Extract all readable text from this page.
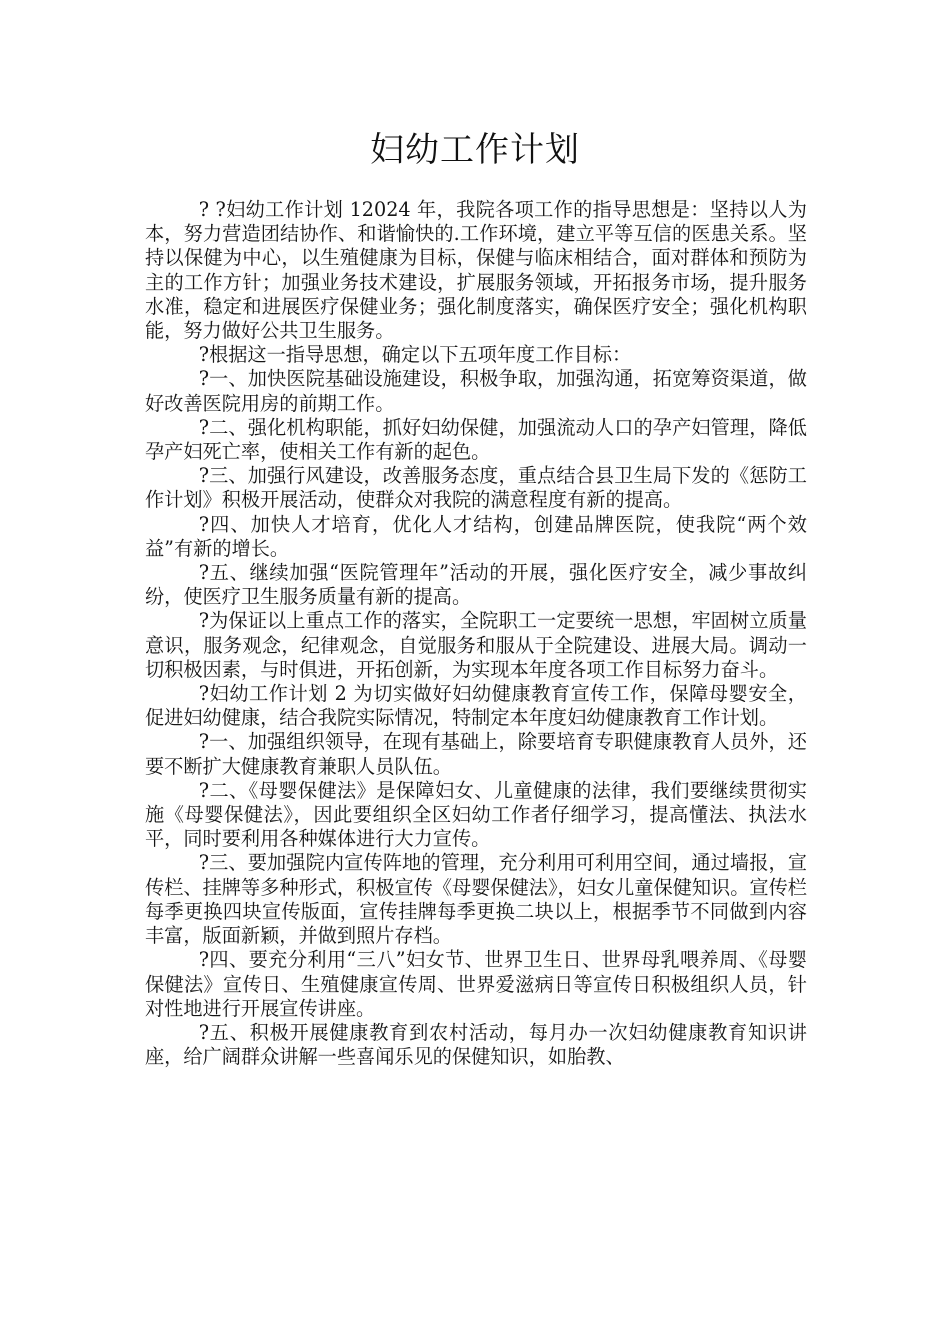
妇幼工作计划

? ?妇幼工作计划 12024 年，我院各项工作的指导思想是：坚持以人为本，努力营造团结协作、和谐愉快的.工作环境，建立平等互信的医患关系。坚持以保健为中心，以生殖健康为目标，保健与临床相结合，面对群体和预防为主的工作方针；加强业务技术建设，扩展服务领域，开拓报务市场，提升服务水准，稳定和进展医疗保健业务；强化制度落实，确保医疗安全；强化机构职能，努力做好公共卫生服务。

?根据这一指导思想，确定以下五项年度工作目标：

?一、加快医院基础设施建设，积极争取，加强沟通，拓宽筹资渠道，做好改善医院用房的前期工作。

?二、强化机构职能，抓好妇幼保健，加强流动人口的孕产妇管理，降低孕产妇死亡率，使相关工作有新的起色。

?三、加强行风建设，改善服务态度，重点结合县卫生局下发的《惩防工作计划》积极开展活动，使群众对我院的满意程度有新的提高。

?四、加快人才培育，优化人才结构，创建品牌医院，使我院“两个效益”有新的增长。

?五、继续加强“医院管理年”活动的开展，强化医疗安全，减少事故纠纷，使医疗卫生服务质量有新的提高。

?为保证以上重点工作的落实，全院职工一定要统一思想，牢固树立质量意识，服务观念，纪律观念，自觉服务和服从于全院建设、进展大局。调动一切积极因素，与时俱进，开拓创新，为实现本年度各项工作目标努力奋斗。

?妇幼工作计划 2 为切实做好妇幼健康教育宣传工作，保障母婴安全，促进妇幼健康，结合我院实际情况，特制定本年度妇幼健康教育工作计划。

?一、加强组织领导，在现有基础上，除要培育专职健康教育人员外，还要不断扩大健康教育兼职人员队伍。

?二、《母婴保健法》是保障妇女、儿童健康的法律，我们要继续贯彻实施《母婴保健法》，因此要组织全区妇幼工作者仔细学习，提高懂法、执法水平，同时要利用各种媒体进行大力宣传。

?三、要加强院内宣传阵地的管理，充分利用可利用空间，通过墙报，宣传栏、挂牌等多种形式，积极宣传《母婴保健法》，妇女儿童保健知识。宣传栏每季更换四块宣传版面，宣传挂牌每季更换二块以上，根据季节不同做到内容丰富，版面新颖，并做到照片存档。

?四、要充分利用“三八”妇女节、世界卫生日、世界母乳喂养周、《母婴保健法》宣传日、生殖健康宣传周、世界爱滋病日等宣传日积极组织人员，针对性地进行开展宣传讲座。

?五、积极开展健康教育到农村活动，每月办一次妇幼健康教育知识讲座，给广阔群众讲解一些喜闻乐见的保健知识，如胎教、
